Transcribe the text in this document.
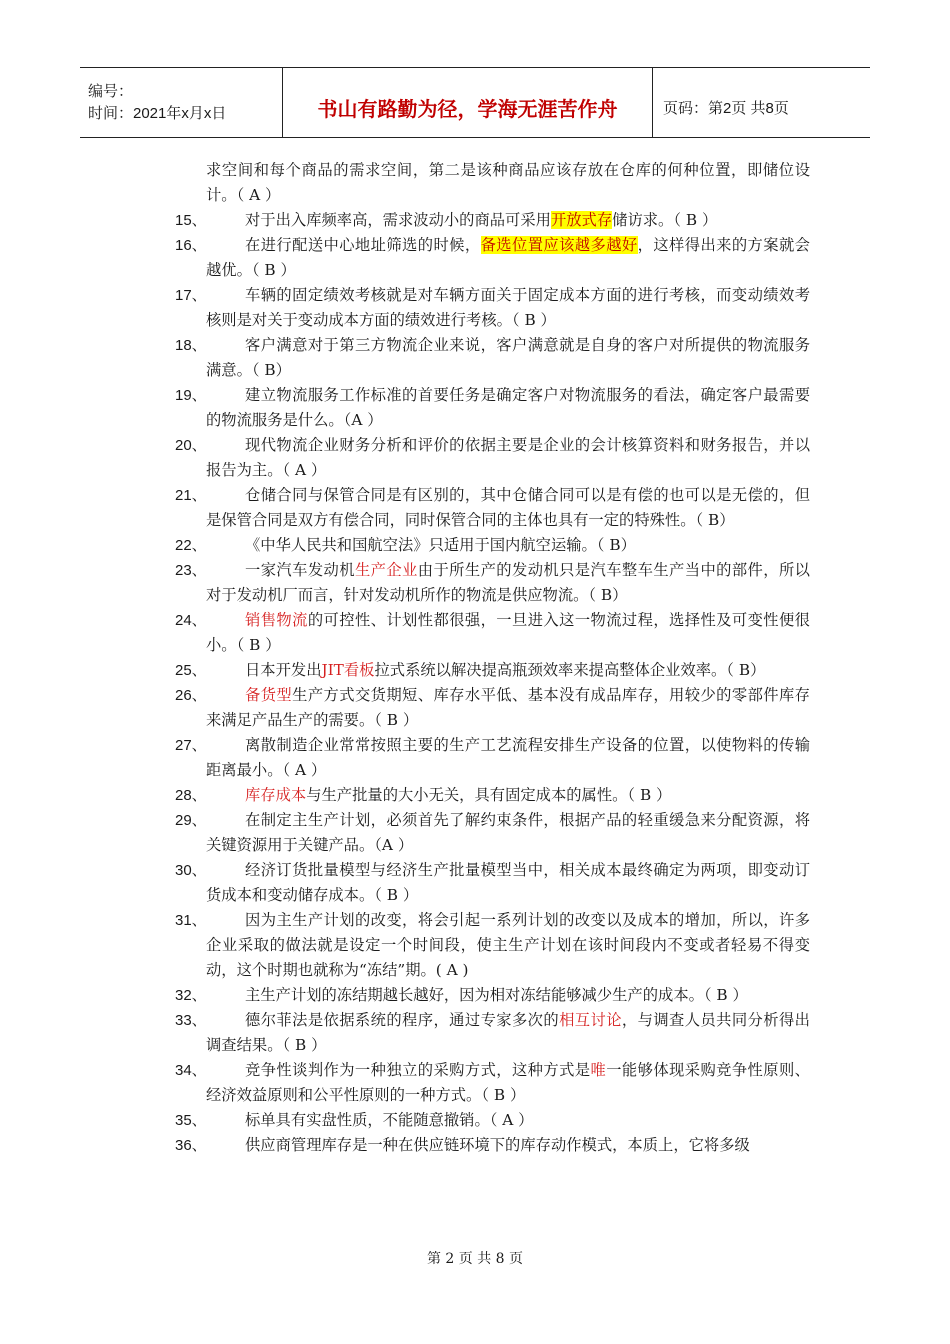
编号：
时间：2021年x月x日	书山有路勤为径，学海无涯苦作舟	页码：第2页 共8页
求空间和每个商品的需求空间，第二是该种商品应该存放在仓库的何种位置，即储位设计。（ A ）
15、	对于出入库频率高，需求波动小的商品可采用开放式存储访求。（ B ）
16、	在进行配送中心地址筛选的时候，备选位置应该越多越好，这样得出来的方案就会越优。（ B ）
17、	车辆的固定绩效考核就是对车辆方面关于固定成本方面的进行考核，而变动绩效考核则是对关于变动成本方面的绩效进行考核。（ B ）
18、	客户满意对于第三方物流企业来说，客户满意就是自身的客户对所提供的物流服务满意。（ B）
19、	建立物流服务工作标准的首要任务是确定客户对物流服务的看法，确定客户最需要的物流服务是什么。（A ）
20、	现代物流企业财务分析和评价的依据主要是企业的会计核算资料和财务报告，并以报告为主。（ A ）
21、	仓储合同与保管合同是有区别的，其中仓储合同可以是有偿的也可以是无偿的，但是保管合同是双方有偿合同，同时保管合同的主体也具有一定的特殊性。（ B）
22、	《中华人民共和国航空法》只适用于国内航空运输。（ B）
23、	一家汽车发动机生产企业由于所生产的发动机只是汽车整车生产当中的部件，所以对于发动机厂而言，针对发动机所作的物流是供应物流。（ B）
24、	销售物流的可控性、计划性都很强，一旦进入这一物流过程，选择性及可变性便很小。（ B ）
25、	日本开发出JIT看板拉式系统以解决提高瓶颈效率来提高整体企业效率。（ B）
26、	备货型生产方式交货期短、库存水平低、基本没有成品库存，用较少的零部件库存来满足产品生产的需要。（ B ）
27、	离散制造企业常常按照主要的生产工艺流程安排生产设备的位置，以使物料的传输距离最小。（ A ）
28、	库存成本与生产批量的大小无关，具有固定成本的属性。（ B ）
29、	在制定主生产计划，必须首先了解约束条件，根据产品的轻重缓急来分配资源，将关键资源用于关键产品。（A ）
30、	经济订货批量模型与经济生产批量模型当中，相关成本最终确定为两项，即变动订货成本和变动储存成本。（ B ）
31、	因为主生产计划的改变，将会引起一系列计划的改变以及成本的增加，所以，许多企业采取的做法就是设定一个时间段，使主生产计划在该时间段内不变或者轻易不得变动，这个时期也就称为“冻结”期。( A )
32、	主生产计划的冻结期越长越好，因为相对冻结能够减少生产的成本。（ B ）
33、	德尔菲法是依据系统的程序，通过专家多次的相互讨论，与调查人员共同分析得出调查结果。（ B ）
34、	竞争性谈判作为一种独立的采购方式，这种方式是唯一能够体现采购竞争性原则、经济效益原则和公平性原则的一种方式。（ B ）
35、	标单具有实盘性质，不能随意撤销。（ A ）
36、	供应商管理库存是一种在供应链环境下的库存动作模式，本质上，它将多级
第 2 页 共 8 页
